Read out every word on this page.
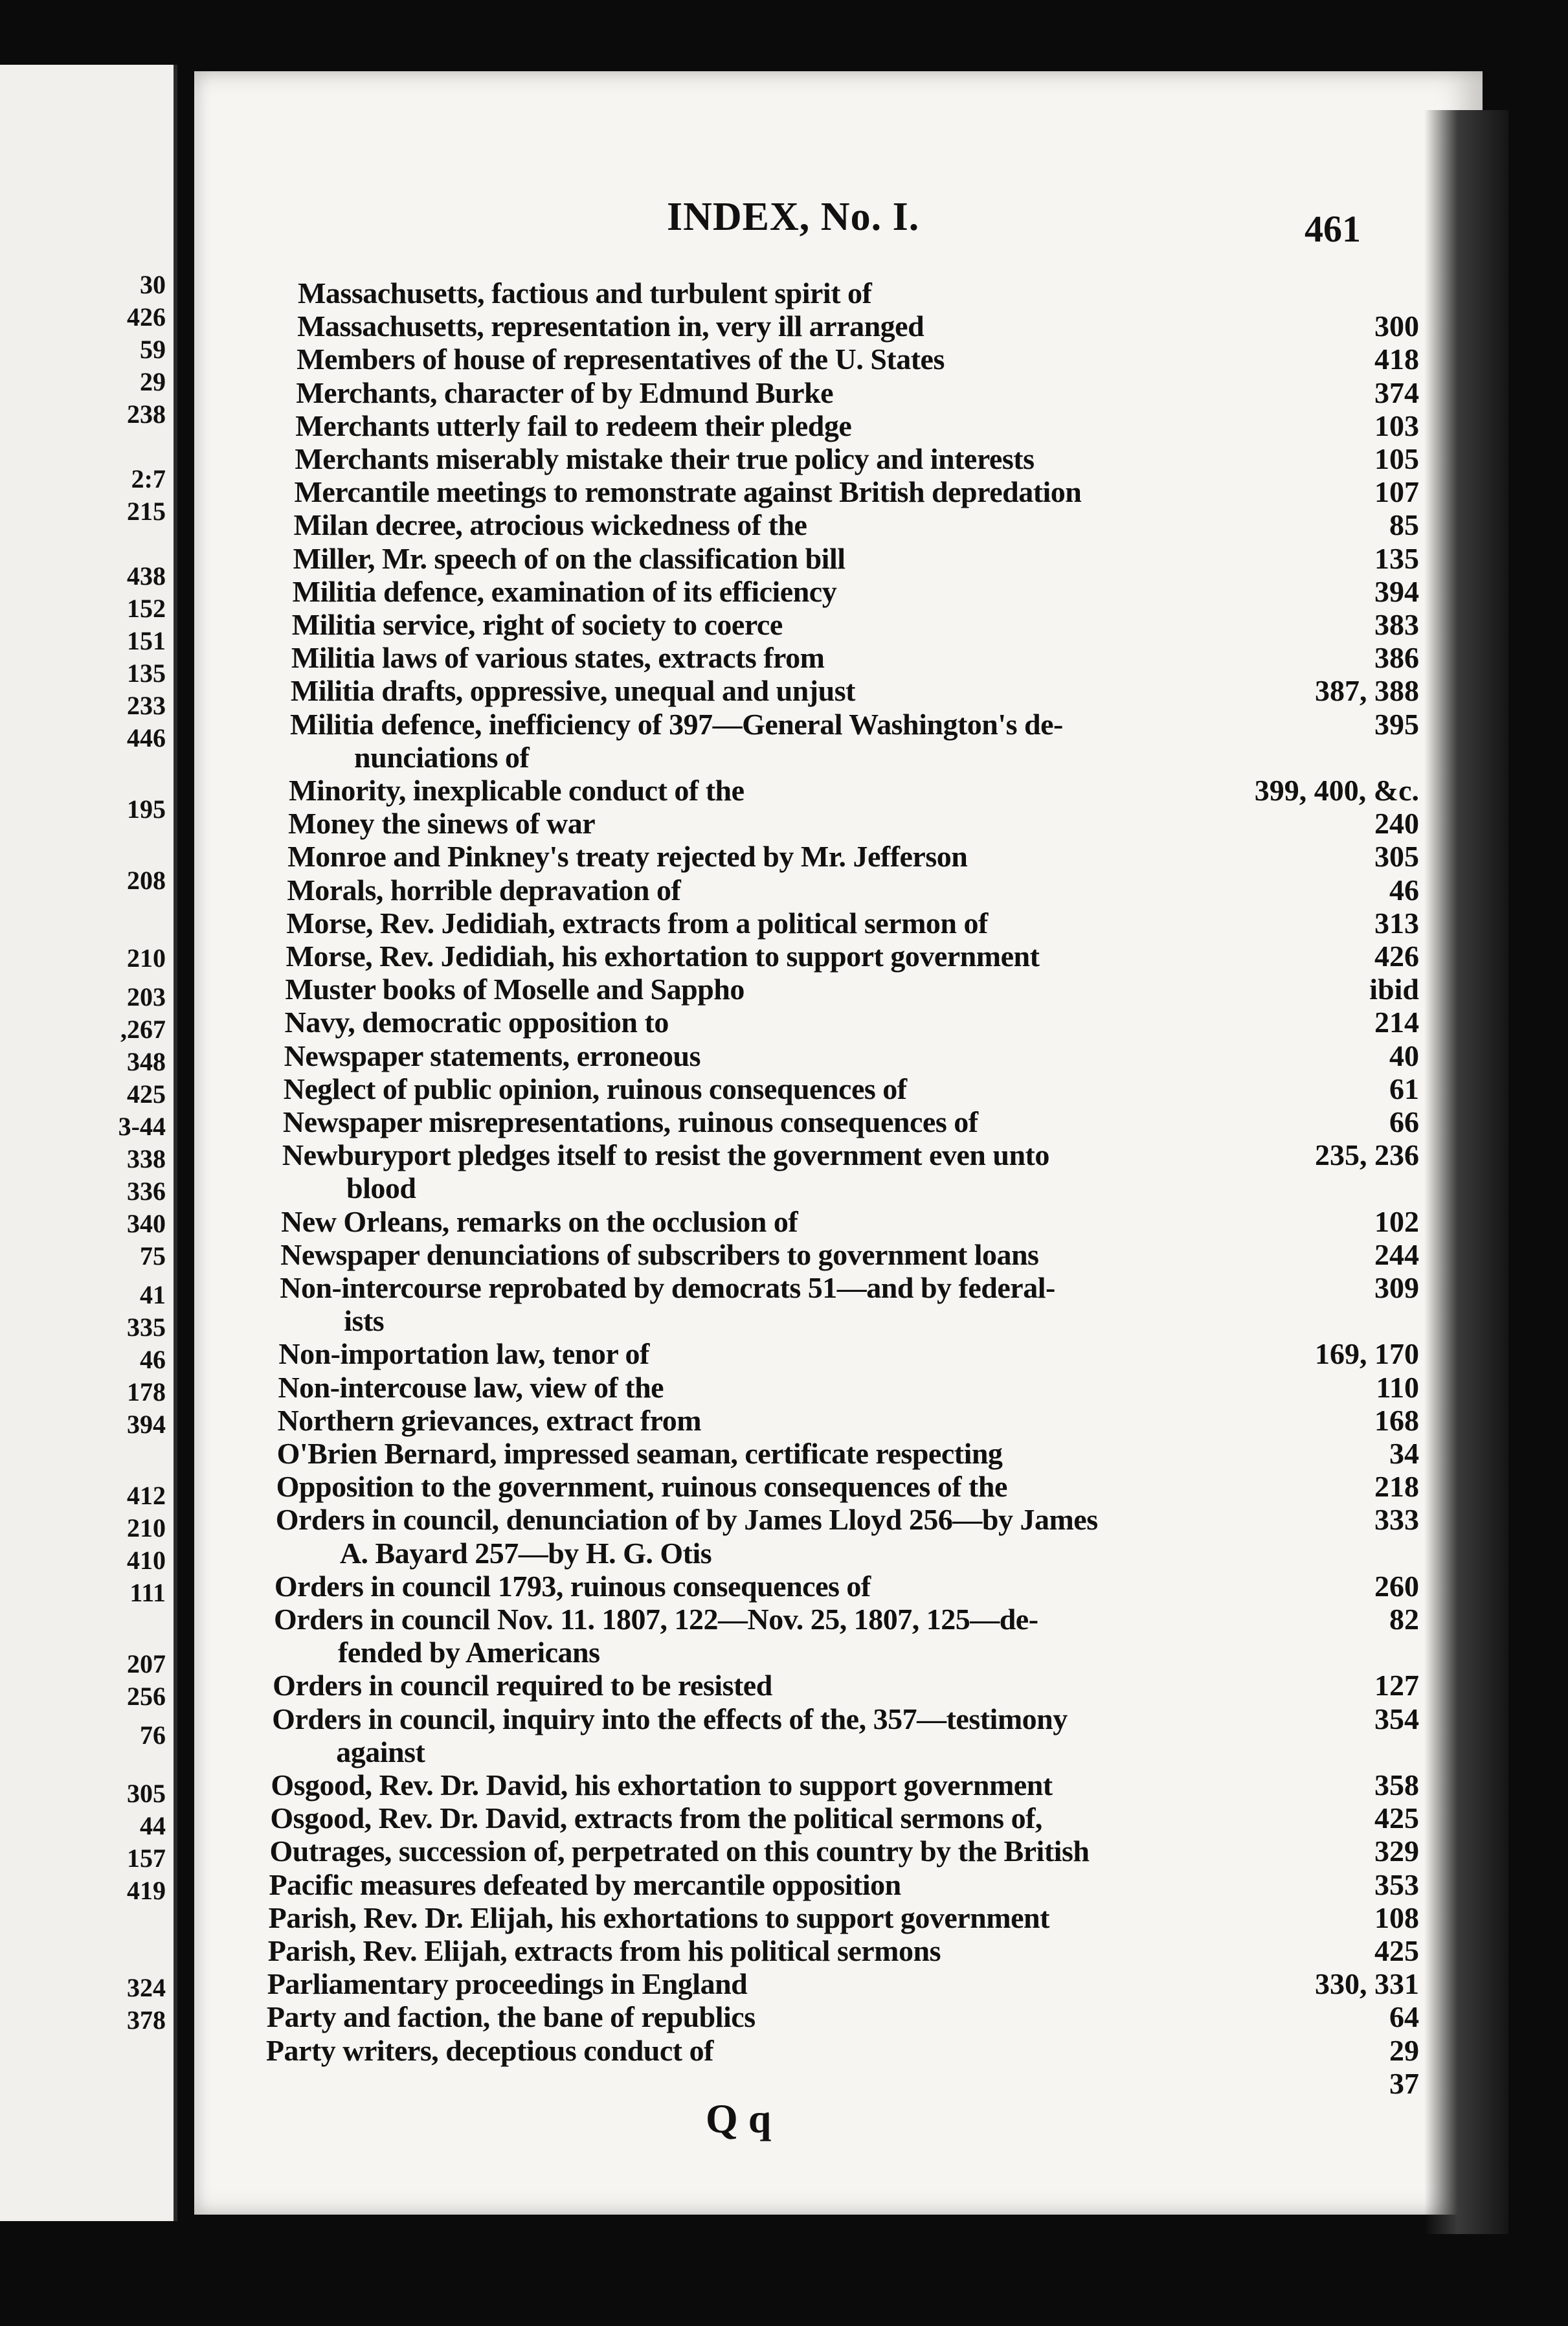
30
426
59
29
238
2:7
215
438
152
151
135
233
446
195
208
210
203
,267
348
425
3-44
338
336
340
75
41
335
46
178
394
412
210
410
111
207
256
76
305
44
157
419
324
378
INDEX, No. I.	461
Massachusetts, factious and turbulent spirit of
Massachusetts, representation in, very ill arranged	300
Members of house of representatives of the U. States	418
Merchants, character of by Edmund Burke	374
Merchants utterly fail to redeem their pledge	103
Merchants miserably mistake their true policy and interests	105
Mercantile meetings to remonstrate against British depredation	107
Milan decree, atrocious wickedness of the	85
Miller, Mr. speech of on the classification bill	135
Militia defence, examination of its efficiency	394
Militia service, right of society to coerce	383
Militia laws of various states, extracts from	386
Militia drafts, oppressive, unequal and unjust	387, 388
Militia defence, inefficiency of 397—General Washington's de-	395
nunciations of
Minority, inexplicable conduct of the	399, 400, &c.
Money the sinews of war	240
Monroe and Pinkney's treaty rejected by Mr. Jefferson	305
Morals, horrible depravation of	46
Morse, Rev. Jedidiah, extracts from a political sermon of	313
Morse, Rev. Jedidiah, his exhortation to support government	426
Muster books of Moselle and Sappho	ibid
Navy, democratic opposition to	214
Newspaper statements, erroneous	40
Neglect of public opinion, ruinous consequences of	61
Newspaper misrepresentations, ruinous consequences of	66
Newburyport pledges itself to resist the government even unto	235, 236
blood
New Orleans, remarks on the occlusion of	102
Newspaper denunciations of subscribers to government loans	244
Non-intercourse reprobated by democrats 51—and by federal-	309
ists
Non-importation law, tenor of	169, 170
Non-intercouse law, view of the	110
Northern grievances, extract from	168
O'Brien Bernard, impressed seaman, certificate respecting	34
Opposition to the government, ruinous consequences of the	218
Orders in council, denunciation of by James Lloyd 256—by James	333
A. Bayard 257—by H. G. Otis
Orders in council 1793, ruinous consequences of	260
Orders in council Nov. 11. 1807, 122—Nov. 25, 1807, 125—de-	82
fended by Americans
Orders in council required to be resisted	127
Orders in council, inquiry into the effects of the, 357—testimony	354
against
Osgood, Rev. Dr. David, his exhortation to support government	358
Osgood, Rev. Dr. David, extracts from the political sermons of,	425
Outrages, succession of, perpetrated on this country by the British	329
Pacific measures defeated by mercantile opposition	353
Parish, Rev. Dr. Elijah, his exhortations to support government	108
Parish, Rev. Elijah, extracts from his political sermons	425
Parliamentary proceedings in England	330, 331
Party and faction, the bane of republics	64
Party writers, deceptious conduct of	29
37
Q q
